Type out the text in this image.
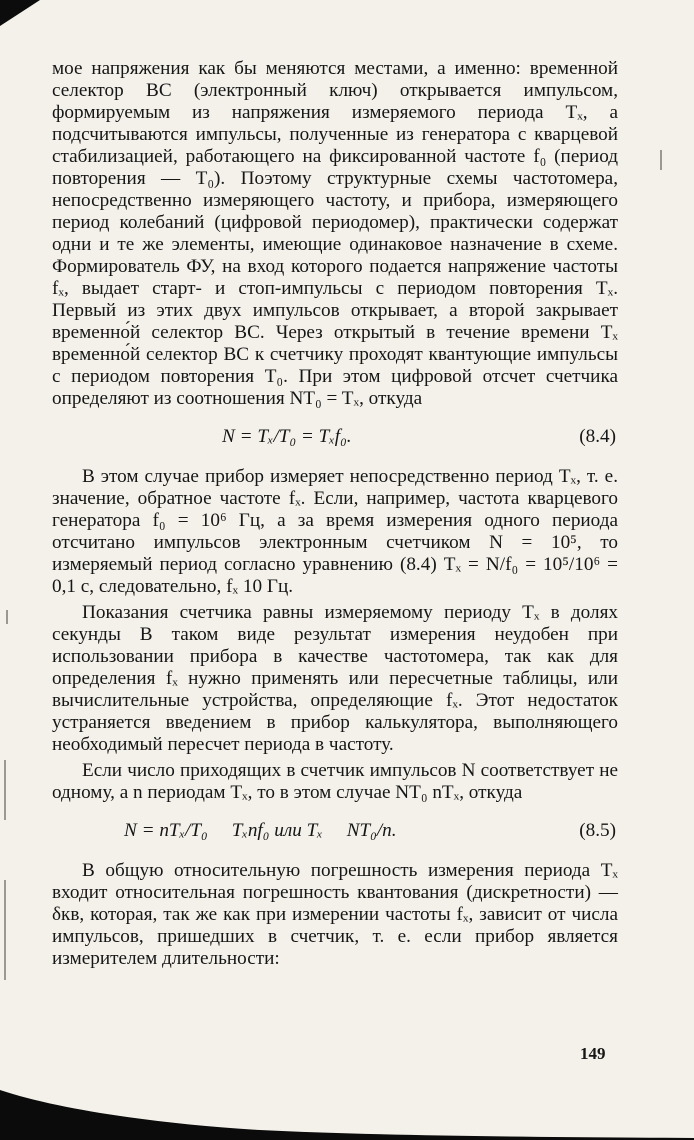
мое напряжения как бы меняются местами, а именно: временной селектор ВС (электронный ключ) открывается импульсом, формируемым из напряжения измеряемого периода Tₓ, а подсчитываются импульсы, полученные из генератора с кварцевой стабилизацией, работающего на фиксированной частоте f₀ (период повторения — T₀). Поэтому структурные схемы частотомера, непосредственно измеряющего частоту, и прибора, измеряющего период колебаний (цифровой периодомер), практически содержат одни и те же элементы, имеющие одинаковое назначение в схеме. Формирователь ФУ, на вход которого подается напряжение частоты fₓ, выдает старт- и стоп-импульсы с периодом повторения Tₓ. Первый из этих двух импульсов открывает, а второй закрывает временно́й селектор ВС. Через открытый в течение времени Tₓ временно́й селектор ВС к счетчику проходят квантующие импульсы с периодом повторения T₀. При этом цифровой отсчет счетчика определяют из соотношения NT₀ = Tₓ, откуда

N = Tₓ/T₀ = Tₓf₀.	(8.4)

В этом случае прибор измеряет непосредственно период Tₓ, т. е. значение, обратное частоте fₓ. Если, например, частота кварцевого генератора f₀ = 10⁶ Гц, а за время измерения одного периода отсчитано импульсов электронным счетчиком N = 10⁵, то измеряемый период согласно уравнению (8.4) Tₓ = N/f₀ = 10⁵/10⁶ = 0,1 с, следовательно, fₓ 10 Гц.

Показания счетчика равны измеряемому периоду Tₓ в долях секунды В таком виде результат измерения неудобен при использовании прибора в качестве частотомера, так как для определения fₓ нужно применять или пересчетные таблицы, или вычислительные устройства, определяющие fₓ. Этот недостаток устраняется введением в прибор калькулятора, выполняющего необходимый пересчет периода в частоту.

Если число приходящих в счетчик импульсов N соответствует не одному, а n периодам Tₓ, то в этом случае NT₀ nTₓ, откуда

N = nTₓ/T₀     Tₓnf₀ или Tₓ     NT₀/n.	(8.5)

В общую относительную погрешность измерения периода Tₓ входит относительная погрешность квантования (дискретности) — δкв, которая, так же как при измерении частоты fₓ, зависит от числа импульсов, пришедших в счетчик, т. е. если прибор является измерителем длительности:

149
